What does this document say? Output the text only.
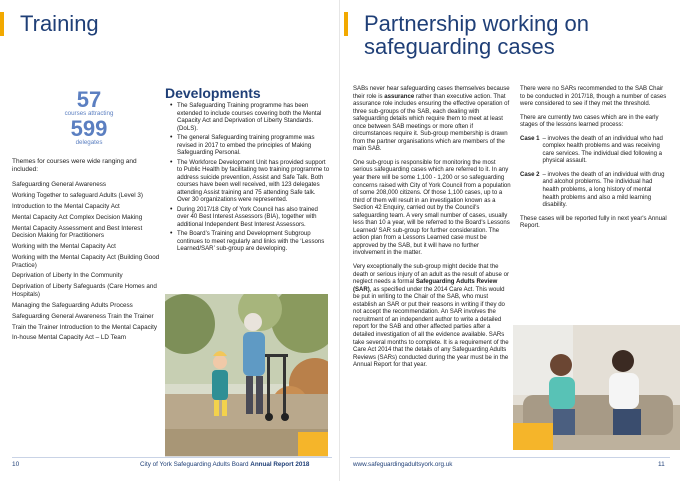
Training
57
courses attracting
599
delegates

Themes for courses were wide ranging and included:

Safeguarding General Awareness
Working Together to safeguard Adults (Level 3)
Introduction to the Mental Capacity Act
Mental Capacity Act Complex Decision Making
Mental Capacity Assessment and Best Interest Decision Making for Practitioners
Working with the Mental Capacity Act
Working with the Mental Capacity Act (Building Good Practice)
Deprivation of Liberty In the Community
Deprivation of Liberty Safeguards (Care Homes and Hospitals)
Managing the Safeguarding Adults Process
Safeguarding General Awareness Train the Trainer
Train the Trainer Introduction to the Mental Capacity
In-house Mental Capacity Act – LD Team
Developments
• The Safeguarding Training programme has been extended to include courses covering both the Mental Capacity Act and Deprivation of Liberty Standards. (DoLS).
• The general Safeguarding training programme was revised in 2017 to embed the principles of Making Safeguarding Personal.
• The Workforce Development Unit has provided support to Public Health by facilitating two training programme to address suicide prevention, Assist and Safe Talk. Both courses have been well received, with 123 delegates attending Assist training and 75 attending Safe talk. Over 30 organizations were represented.
• During 2017/18 City of York Council has also trained over 40 Best Interest Assessors (BIA), together with additional Independent Best Interest Assessors.
• The Board’s Training and Development Subgroup continues to meet regularly and links with the ‘Lessons Learned/SAR’ sub-group are developing.
10	City of York Safeguarding Adults Board Annual Report 2018
Partnership working on
safeguarding cases

SABs never hear safeguarding cases themselves because their role is assurance rather than executive action. That assurance role includes ensuring the effective operation of three sub-groups of the SAB, each dealing with safeguarding details which require them to meet at least once between SAB meetings or more often if circumstances require it. Sub-group membership is drawn from the partner organisations which are members of the main SAB.

One sub-group is responsible for monitoring the most serious safeguarding cases which are referred to it. In any year there will be some 1,100 - 1,200 or so safeguarding concerns raised with City of York Council from a population of some 208,000 citizens. Of those 1,100 cases, up to a third of them will result in an investigation known as a Section 42 Enquiry, carried out by the Council's safeguarding team. A very small number of cases, usually less than 10 a year, will be referred to the Board's Lessons Learned/ SAR sub-group for further consideration. The action plan from a Lessons Learned case must be approved by the SAB, but it will have no further involvement in the matter.

Very exceptionally the sub-group might decide that the death or serious injury of an adult as the result of abuse or neglect needs a formal Safeguarding Adults Review (SAR), as specified under the 2014 Care Act. This would be put in writing to the Chair of the SAB, who must establish an SAR or put their reasons in writing if they do not accept the recommendation. An SAR involves the recruitment of an independent author to write a detailed report for the SAB and other affected parties after a detailed investigation of all the evidence available. SARs take several months to complete. It is a requirement of the Care Act 2014 that the details of any Safeguarding Adults Reviews (SARs) conducted during the year must be in the Annual Report for that year.

There were no SARs recommended to the SAB Chair to be conducted in 2017/18, though a number of cases were considered to see if they met the threshold.

There are currently two cases which are in the early stages of the lessons learned process:

Case 1 – involves the death of an individual who had complex health problems and was receiving care services. The individual died following a physical assault.
Case 2 – involves the death of an individual with drug and alcohol problems. The individual had health problems, a long history of mental health problems and also a mild learning disability.

These cases will be reported fully in next year's Annual Report.

www.safeguardingadultsyork.org.uk	11
